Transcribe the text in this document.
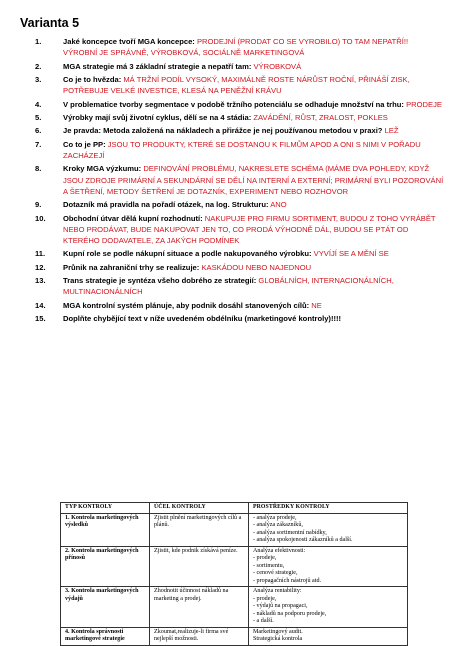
Varianta 5
1.	Jaké koncepce tvoří MGA koncepce: PRODEJNÍ (PRODAT CO SE VYROBILO) TO TAM NEPATŘÍ!! VÝROBNÍ JE SPRÁVNĚ, VÝROBKOVÁ, SOCIÁLNĚ MARKETINGOVÁ
2.	MGA strategie má 3 základní strategie a nepatří tam: VÝROBKOVÁ
3.	Co je to hvězda: MÁ TRŽNÍ PODÍL VYSOKÝ, MAXIMÁLNĚ ROSTE NÁRŮST ROČNÍ, PŘINÁŠÍ ZISK, POTŘEBUJE VELKÉ INVESTICE, KLESÁ NA PENĚŽNÍ KRÁVU
4.	V problematice tvorby segmentace v podobě tržního potenciálu se odhaduje množství na trhu: PRODEJE
5.	Výrobky mají svůj životní cyklus, dělí se na 4 stádia: ZAVÁDĚNÍ, RŮST, ZRALOST, POKLES
6.	Je pravda: Metoda založená na nákladech a přirážce je nej používanou metodou v praxi? LEŽ
7.	Co to je PP: JSOU TO PRODUKTY, KTERÉ SE DOSTANOU K FILMŮM APOD A ONI S NIMI V POŘADU ZACHÁZEJÍ
8.	Kroky MGA výzkumu: DEFINOVÁNÍ PROBLÉMU, NAKRESLETE SCHÉMA (MÁME DVA POHLEDY, KDYŽ JSOU ZDROJE PRIMÁRNÍ A SEKUNDÁRNÍ SE DĚLÍ NA INTERNÍ A EXTERNÍ; PRIMÁRNÍ BYLI POZOROVÁNÍ A ŠETŘENÍ, METODY ŠETŘENÍ JE DOTAZNÍK, EXPERIMENT NEBO ROZHOVOR
9.	Dotazník má pravidla na pořadí otázek, na log. Strukturu: ANO
10. Obchodní útvar dělá kupní rozhodnutí: NAKUPUJE PRO FIRMU SORTIMENT, BUDOU Z TOHO VYRÁBĚT NEBO PRODÁVAT, BUDE NAKUPOVAT JEN TO, CO PRODÁ VÝHODNĚ DÁL, BUDOU SE PTÁT OD KTERÉHO DODAVATELE, ZA JAKÝCH PODMÍNEK
11. Kupní role se podle nákupní situace a podle nakupovaného výrobku: VYVÍJÍ SE A MĚNÍ SE
12. Průnik na zahraniční trhy se realizuje: KASKÁDOU NEBO NAJEDNOU
13. Trans strategie je syntéza všeho dobrého ze strategií: GLOBÁLNÍCH, INTERNACIONÁLNÍCH, MULTINACIONÁLNÍCH
14. MGA kontrolní systém plánuje, aby podnik dosáhl stanovených cílů: NE
15. Doplňte chybějící text v níže uvedeném obdélníku (marketingové kontroly)!!!!
TYP KONTROLY	ÚČEL KONTROLY	PROSTŘEDKY KONTROLY
1. Kontrola marketingových výsledků	Zjistit plnění marketingových cílů a plánů.	- analýza prodeje,
- analýza zákazníků,
- analýza sortimentní nabídky,
- analýza spokojenosti zákazníků a další.

2. Kontrola marketingových přínosů	Zjistit, kde podnik získává peníze.	Analýza efektivnosti:
- prodeje,
- sortimentu,
- cenové strategie,
- propagačních nástrojů atd.

3. Kontrola marketingových výdajů	Zhodnotit účinnost nákladů na marketing a prodej.	Analýza rentability:
- prodeje,
- výdajů na propagaci,
- nákladů na podporu prodeje,
- a další.

4. Kontrola správnosti marketingové strategie	Zkoumat,realizuje-li firma své nejlepší možnosti.	Marketingový audit.
Strategická kontrola
